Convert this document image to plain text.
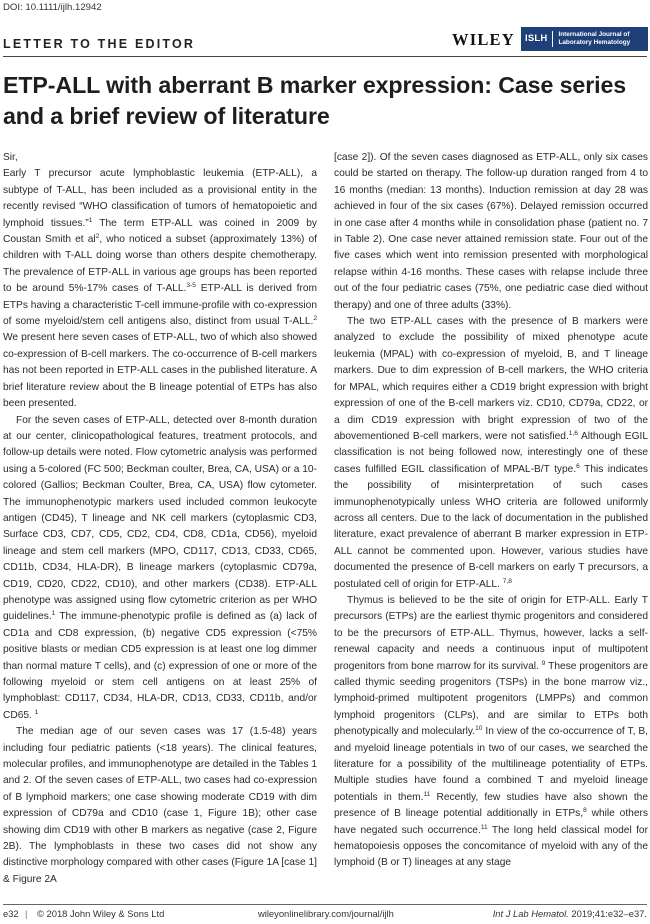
DOI: 10.1111/ijlh.12942
LETTER TO THE EDITOR	WILEY ISLH	International Journal of
Laboratory Hematology
ETP-ALL with aberrant B marker expression: Case series and a brief review of literature

Sir,

Early T precursor acute lymphoblastic leukemia (ETP-ALL), a subtype of T-ALL, has been included as a provisional entity in the recently revised “WHO classification of tumors of hematopoietic and lymphoid tissues.”$^1$ The term ETP-ALL was coined in 2009 by Coustan Smith et $al^2$, who noticed a subset (approximately 13%) of children with T-ALL doing worse than others despite chemotherapy. The prevalence of ETP-ALL in various age groups has been reported to be around 5%-17% cases of T-ALL.$^{3-5}$ ETP-ALL is derived from ETPs having a characteristic T-cell immune-profile with co-expression of some myeloid/stem cell antigens also, distinct from usual T-ALL.$^2$ We present here seven cases of ETP-ALL, two of which also showed co-expression of B-cell markers. The co-occurrence of B-cell markers has not been reported in ETP-ALL cases in the published literature. A brief literature review about the B lineage potential of ETPs has also been presented.

For the seven cases of ETP-ALL, detected over 8-month duration at our center, clinicopathological features, treatment protocols, and follow-up details were noted. Flow cytometric analysis was performed using a 5-colored (FC 500; Beckman coulter, Brea, CA, USA) or a 10-colored (Gallios; Beckman Coulter, Brea, CA, USA) flow cytometer. The immunophenotypic markers used included common leukocyte antigen (CD45), T lineage and NK cell markers (cytoplasmic CD3, Surface CD3, CD7, CD5, CD2, CD4, CD8, CD1a, CD56), myeloid lineage and stem cell markers (MPO, CD117, CD13, CD33, CD65, CD11b, CD34, HLA-DR), B lineage markers (cytoplasmic CD79a, CD19, CD20, CD22, CD10), and other markers (CD38). ETP-ALL phenotype was assigned using flow cytometric criterion as per WHO guidelines.$^1$ The immune-phenotypic profile is defined as (a) lack of CD1a and CD8 expression, (b) negative CD5 expression (<75% positive blasts or median CD5 expression is at least one log dimmer than normal mature T cells), and (c) expression of one or more of the following myeloid or stem cell antigens on at least 25% of lymphoblast: CD117, CD34, HLA-DR, CD13, CD33, CD11b, and/or CD65. $^1$

The median age of our seven cases was 17 (1.5-48) years including four pediatric patients (<18 years). The clinical features, molecular profiles, and immunophenotype are detailed in the Tables 1 and 2. Of the seven cases of ETP-ALL, two cases had co-expression of B lymphoid markers; one case showing moderate CD19 with dim expression of CD79a and CD10 (case 1, Figure 1B); other case showing dim CD19 with other B markers as negative (case 2, Figure 2B). The lymphoblasts in these two cases did not show any distinctive morphology compared with other cases (Figure 1A [case 1] & Figure 2A

[case 2]). Of the seven cases diagnosed as ETP-ALL, only six cases could be started on therapy. The follow-up duration ranged from 4 to 16 months (median: 13 months). Induction remission at day 28 was achieved in four of the six cases (67%). Delayed remission occurred in one case after 4 months while in consolidation phase (patient no. 7 in Table 2). One case never attained remission state. Four out of the five cases which went into remission presented with morphological relapse within 4-16 months. These cases with relapse include three out of the four pediatric cases (75%, one pediatric case died without therapy) and one of three adults (33%).

The two ETP-ALL cases with the presence of B markers were analyzed to exclude the possibility of mixed phenotype acute leukemia (MPAL) with co-expression of myeloid, B, and T lineage markers. Due to dim expression of B-cell markers, the WHO criteria for MPAL, which requires either a CD19 bright expression with bright expression of one of the B-cell markers viz. CD10, CD79a, CD22, or a dim CD19 expression with bright expression of two of the abovementioned B-cell markers, were not satisfied.$^{1,6}$ Although EGIL classification is not being followed now, interestingly one of these cases fulfilled EGIL classification of MPAL-B/T type.$^6$ This indicates the possibility of misinterpretation of such cases immunophenotypically unless WHO criteria are followed uniformly across all centers. Due to the lack of documentation in the published literature, exact prevalence of aberrant B marker expression in ETP-ALL cannot be commented upon. However, various studies have documented the presence of B-cell markers on early T precursors, a postulated cell of origin for ETP-ALL. $^{7,8}$

Thymus is believed to be the site of origin for ETP-ALL. Early T precursors (ETPs) are the earliest thymic progenitors and considered to be the precursors of ETP-ALL. Thymus, however, lacks a self-renewal capacity and needs a continuous input of multipotent progenitors from bone marrow for its survival. $^9$ These progenitors are called thymic seeding progenitors (TSPs) in the bone marrow viz., lymphoid-primed multipotent progenitors (LMPPs) and common lymphoid progenitors (CLPs), and are similar to ETPs both phenotypically and molecularly.$^{10}$ In view of the co-occurrence of T, B, and myeloid lineage potentials in two of our cases, we searched the literature for a possibility of the multilineage potentiality of ETPs. Multiple studies have found a combined T and myeloid lineage potentials in them.$^{11}$ Recently, few studies have also shown the presence of B lineage potential additionally in ETPs,$^8$ while others have negated such occurrence.$^{11}$ The long held classical model for hematopoiesis opposes the concomitance of myeloid with any of the lymphoid (B or T) lineages at any stage

e32 | © 2018 John Wiley & Sons Ltd	wileyonlinelibrary.com/journal/ijlh	Int J Lab Hematol. 2019;41:e32–e37.
